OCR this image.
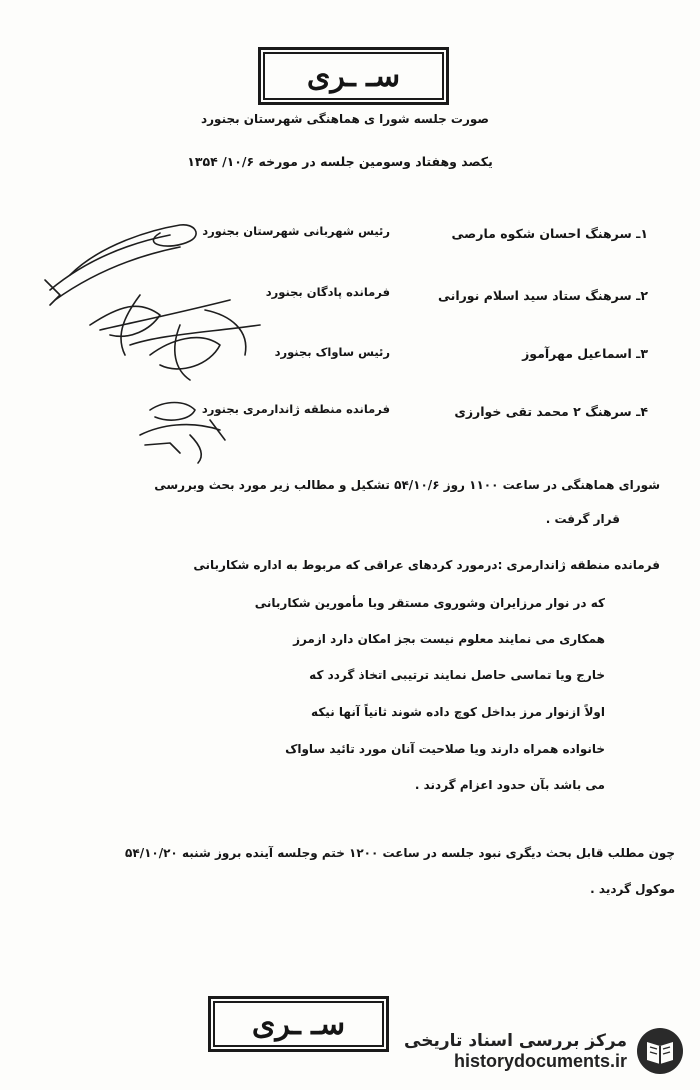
سـ ـرى
صورت جلسه شورا ی هماهنگی شهرستان بجنورد
یکصد وهفتاد وسومین جلسه در مورخه ۱۰/۶/ ۱۳۵۴
۱ـ سرهنگ احسان شکوه مارصی
رئیس شهربانی شهرستان بجنورد
۲ـ سرهنگ ستاد سید اسلام نورانی
فرمانده پادگان بجنورد
۳ـ اسماعیل مهرآموز
رئیس ساواک بجنورد
۴ـ سرهنگ ۲ محمد تقی خوارزی
فرمانده منطقه ژاندارمری بجنورد
شورای هماهنگی در ساعت ۱۱۰۰ روز ۵۴/۱۰/۶ تشکیل و مطالب زیر مورد بحث وبررسی
قرار گرفت .
فرمانده منطقه ژاندارمری :درمورد کردهای عراقی که مربوط به اداره شکاربانی
که در نوار مرزایران وشوروی مستقر وبا مأمورین شکاربانی
همکاری می نمایند معلوم نیست بجز امکان دارد ازمرز
خارج ویا تماسی حاصل نمایند ترتیبی اتخاذ گردد که
اولاً ازنوار مرز بداخل کوچ داده شوند ثانیاً آنها نیکه
خانواده همراه دارند ویا صلاحیت آنان مورد تائید ساواک
می باشد بآن حدود اعزام گردند .
چون مطلب قابل بحث دیگری نبود جلسه در ساعت ۱۲۰۰ ختم وجلسه آینده بروز شنبه ۵۴/۱۰/۲۰
موکول گردید .
سـ ـرى	مرکز بررسی اسناد تاریخی
historydocuments.ir
